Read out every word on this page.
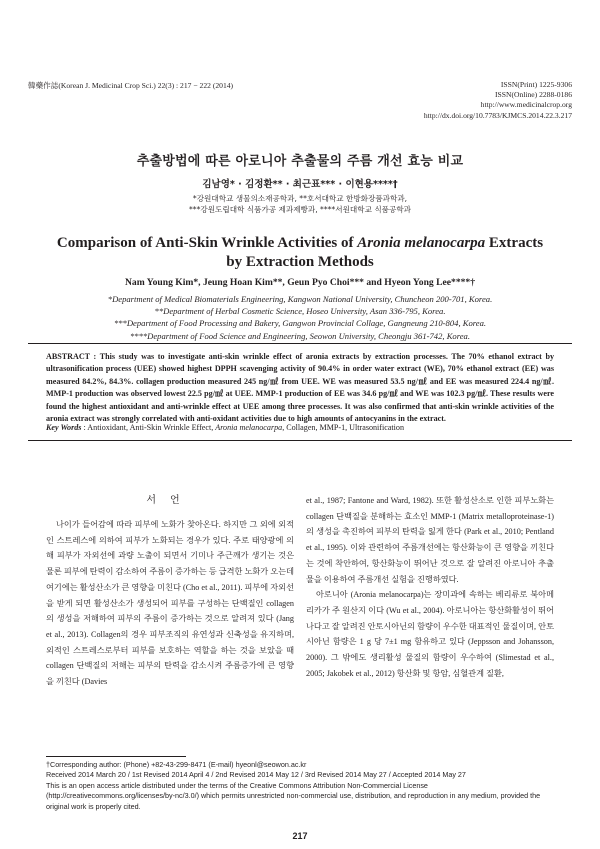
韓藥作誌(Korean J. Medicinal Crop Sci.) 22(3) : 217 − 222 (2014)	ISSN(Print) 1225-9306
ISSN(Online) 2288-0186
http://www.medicinalcrop.org
http://dx.doi.org/10.7783/KJMCS.2014.22.3.217
추출방법에 따른 아로니아 추출물의 주름 개선 효능 비교
김남영* · 김정환** · 최근표*** · 이현용****†
*강원대학교 생물의소재공학과, **호서대학교 한방화장품과학과,
***강원도립대학 식품가공 제과제빵과, ****서원대학교 식품공학과
Comparison of Anti-Skin Wrinkle Activities of Aronia melanocarpa Extracts
by Extraction Methods
Nam Young Kim*, Jeung Hoan Kim**, Geun Pyo Choi*** and Hyeon Yong Lee****†
*Department of Medical Biomaterials Engineering, Kangwon National University, Chuncheon 200-701, Korea.
**Department of Herbal Cosmetic Science, Hoseo University, Asan 336-795, Korea.
***Department of Food Processing and Bakery, Gangwon Provincial Collage, Gangneung 210-804, Korea.
****Department of Food Science and Engineering, Seowon University, Cheongju 361-742, Korea.
ABSTRACT : This study was to investigate anti-skin wrinkle effect of aronia extracts by extraction processes. The 70% ethanol extract by ultrasonification process (UEE) showed highest DPPH scavenging activity of 90.4% in order water extract (WE), 70% ethanol extract (EE) was measured 84.2%, 84.3%. collagen production measured 245 ng/㎖ from UEE. WE was measured 53.5 ng/㎖ and EE was measured 224.4 ng/㎖. MMP-1 production was observed lowest 22.5 pg/㎖ at UEE. MMP-1 production of EE was 34.6 pg/㎖ and WE was 102.3 pg/㎖. These results were found the highest antioxidant and anti-wrinkle effect at UEE among three processes. It was also confirmed that anti-skin wrinkle activities of the aronia extract was strongly correlated with anti-oxidant activities due to high amounts of antocyanins in the extract.
Key Words : Antioxidant, Anti-Skin Wrinkle Effect, Aronia melanocarpa, Collagen, MMP-1, Ultrasonification
서언

나이가 들어감에 따라 피부에 노화가 찾아온다. 하지만 그 외에 외적인 스트레스에 의하여 피부가 노화되는 경우가 있다. 주로 태양광에 의해 피부가 자외선에 과량 노출이 되면서 기미나 주근깨가 생기는 것은 물론 피부에 탄력이 감소하여 주름이 증가하는 등 급격한 노화가 오는데 여기에는 활성산소가 큰 영향을 미친다 (Cho et al., 2011). 피부에 자외선을 받게 되면 활성산소가 생성되어 피부를 구성하는 단백질인 collagen의 생성을 저해하여 피부의 주름이 증가하는 것으로 알려져 있다 (Jang et al., 2013). Collagen의 경우 피부조직의 유연성과 신축성을 유지하며, 외적인 스트레스로부터 피부를 보호하는 역할을 하는 것을 보았을 때 collagen 단백질의 저해는 피부의 탄력을 감소시켜 주름증가에 큰 영향을 끼친다 (Davies

et al., 1987; Fantone and Ward, 1982). 또한 활성산소로 인한 피부노화는 collagen 단백질을 분해하는 효소인 MMP-1 (Matrix metalloproteinase-1)의 생성을 촉진하여 피부의 탄력을 잃게 한다 (Park et al., 2010; Pentland et al., 1995). 이와 관련하여 주름개선에는 항산화능이 큰 영향을 끼친다는 것에 착안하여, 항산화능이 뛰어난 것으로 잘 알려진 아로니아 추출물을 이용하여 주름개선 실험을 진행하였다.

아로니아 (Aronia melanocarpa)는 장미과에 속하는 베리류로 북아메리카가 주 원산지 이다 (Wu et al., 2004). 아로니아는 항산화활성이 뛰어나다고 잘 알려진 안토시아닌의 함량이 우수한 대표적인 물질이며, 안토시아닌 함량은 1 g 당 7±1 mg 함유하고 있다 (Jeppsson and Johansson, 2000). 그 밖에도 생리활성 물질의 함량이 우수하여 (Slimestad et al., 2005; Jakobek et al., 2012) 항산화 및 항암, 심혈관계 질환,

†Corresponding author: (Phone) +82-43-299-8471 (E-mail) hyeonl@seowon.ac.kr
Received 2014 March 20 / 1st Revised 2014 April 4 / 2nd Revised 2014 May 12 / 3rd Revised 2014 May 27 / Accepted 2014 May 27
This is an open access article distributed under the terms of the Creative Commons Attribution Non-Commercial License (http://creativecommons.org/licenses/by-nc/3.0/) which permits unrestricted non-commercial use, distribution, and reproduction in any medium, provided the original work is properly cited.
217
